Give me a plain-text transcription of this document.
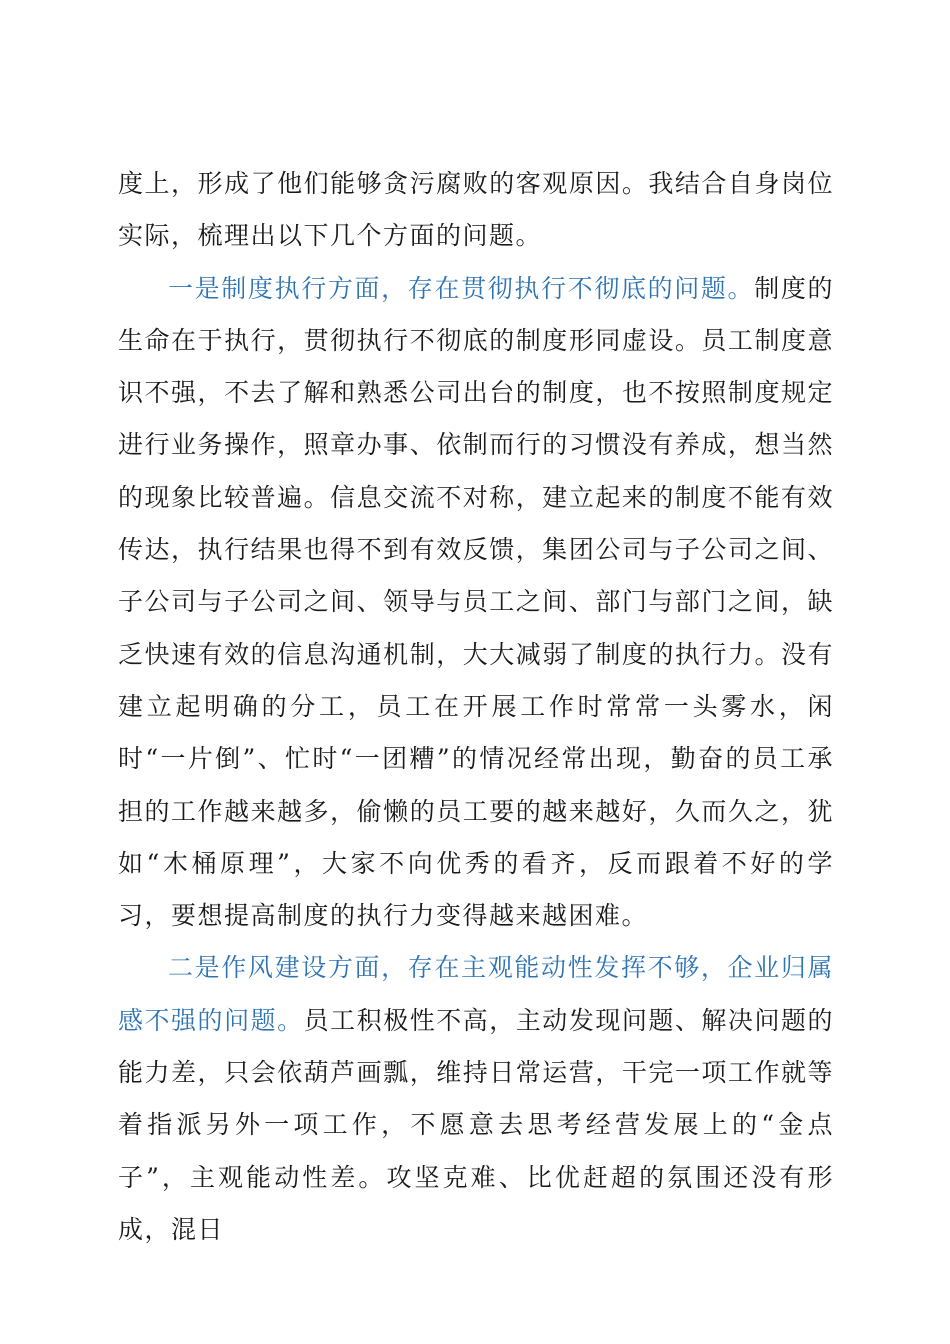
度上，形成了他们能够贪污腐败的客观原因。我结合自身岗位实际，梳理出以下几个方面的问题。

一是制度执行方面，存在贯彻执行不彻底的问题。制度的生命在于执行，贯彻执行不彻底的制度形同虚设。员工制度意识不强，不去了解和熟悉公司出台的制度，也不按照制度规定进行业务操作，照章办事、依制而行的习惯没有养成，想当然的现象比较普遍。信息交流不对称，建立起来的制度不能有效传达，执行结果也得不到有效反馈，集团公司与子公司之间、子公司与子公司之间、领导与员工之间、部门与部门之间，缺乏快速有效的信息沟通机制，大大减弱了制度的执行力。没有建立起明确的分工，员工在开展工作时常常一头雾水，闲时“一片倒”、忙时“一团糟”的情况经常出现，勤奋的员工承担的工作越来越多，偷懒的员工要的越来越好，久而久之，犹如“木桶原理”，大家不向优秀的看齐，反而跟着不好的学习，要想提高制度的执行力变得越来越困难。

二是作风建设方面，存在主观能动性发挥不够，企业归属感不强的问题。员工积极性不高，主动发现问题、解决问题的能力差，只会依葫芦画瓢，维持日常运营，干完一项工作就等着指派另外一项工作，不愿意去思考经营发展上的“金点子”，主观能动性差。攻坚克难、比优赶超的氛围还没有形成，混日
